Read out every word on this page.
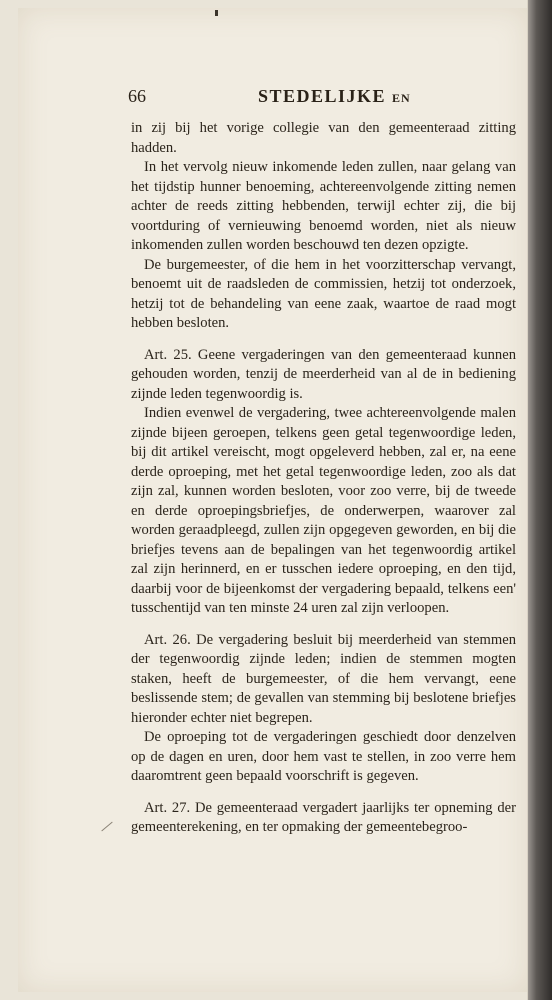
66	STEDELIJKE EN

in zij bij het vorige collegie van den gemeenteraad zitting hadden.

In het vervolg nieuw inkomende leden zullen, naar gelang van het tijdstip hunner benoeming, achtereenvolgende zitting nemen achter de reeds zitting hebbenden, terwijl echter zij, die bij voortduring of vernieuwing benoemd worden, niet als nieuw inkomenden zullen worden beschouwd ten dezen opzigte.

De burgemeester, of die hem in het voorzitterschap vervangt, benoemt uit de raadsleden de commissien, hetzij tot onderzoek, hetzij tot de behandeling van eene zaak, waartoe de raad mogt hebben besloten.

Art. 25. Geene vergaderingen van den gemeenteraad kunnen gehouden worden, tenzij de meerderheid van al de in bediening zijnde leden tegenwoordig is.

Indien evenwel de vergadering, twee achtereenvolgende malen zijnde bijeen geroepen, telkens geen getal tegenwoordige leden, bij dit artikel vereischt, mogt opgeleverd hebben, zal er, na eene derde oproeping, met het getal tegenwoordige leden, zoo als dat zijn zal, kunnen worden besloten, voor zoo verre, bij de tweede en derde oproepingsbriefjes, de onderwerpen, waarover zal worden geraadpleegd, zullen zijn opgegeven geworden, en bij die briefjes tevens aan de bepalingen van het tegenwoordig artikel zal zijn herinnerd, en er tusschen iedere oproeping, en den tijd, daarbij voor de bijeenkomst der vergadering bepaald, telkens een' tusschentijd van ten minste 24 uren zal zijn verloopen.

Art. 26. De vergadering besluit bij meerderheid van stemmen der tegenwoordig zijnde leden; indien de stemmen mogten staken, heeft de burgemeester, of die hem vervangt, eene beslissende stem; de gevallen van stemming bij beslotene briefjes hieronder echter niet begrepen.

De oproeping tot de vergaderingen geschiedt door denzelven op de dagen en uren, door hem vast te stellen, in zoo verre hem daaromtrent geen bepaald voorschrift is gegeven.

Art. 27. De gemeenteraad vergadert jaarlijks ter opneming der gemeenterekening, en ter opmaking der gemeentebegroo-
